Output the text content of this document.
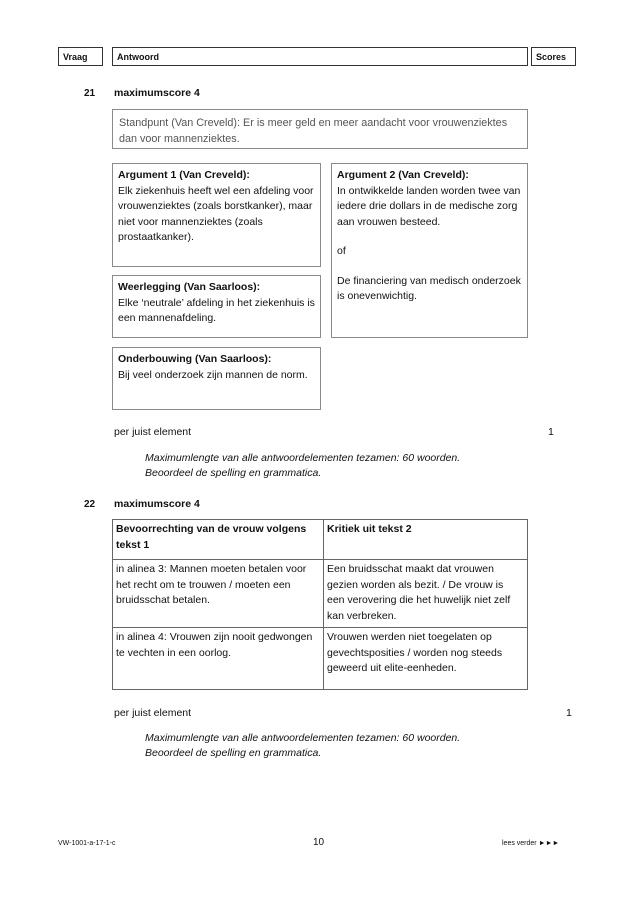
Vraag	Antwoord	Scores
21 maximumscore 4
Standpunt (Van Creveld): Er is meer geld en meer aandacht voor vrouwenziektes dan voor mannenziektes.
Argument 1 (Van Creveld):
Elk ziekenhuis heeft wel een afdeling voor vrouwenziektes (zoals borstkanker), maar niet voor mannenziektes (zoals prostaatkanker).
Argument 2 (Van Creveld):
In ontwikkelde landen worden twee van iedere drie dollars in de medische zorg aan vrouwen besteed.
of
De financiering van medisch onderzoek is onevenwichtig.
Weerlegging (Van Saarloos):
Elke ‘neutrale’ afdeling in het ziekenhuis is een mannenafdeling.
Onderbouwing (Van Saarloos):
Bij veel onderzoek zijn mannen de norm.
per juist element	1
Maximumlengte van alle antwoordelementen tezamen: 60 woorden.
Beoordeel de spelling en grammatica.
22 maximumscore 4
Bevoorrechting van de vrouw volgens tekst 1	Kritiek uit tekst 2
in alinea 3: Mannen moeten betalen voor het recht om te trouwen / moeten een bruidsschat betalen.	Een bruidsschat maakt dat vrouwen gezien worden als bezit. / De vrouw is een verovering die het huwelijk niet zelf kan verbreken.
in alinea 4: Vrouwen zijn nooit gedwongen te vechten in een oorlog.	Vrouwen werden niet toegelaten op gevechtsposities / worden nog steeds geweerd uit elite-eenheden.
per juist element	1
Maximumlengte van alle antwoordelementen tezamen: 60 woorden.
Beoordeel de spelling en grammatica.
VW-1001-a-17-1-c	10	lees verder ►►►
